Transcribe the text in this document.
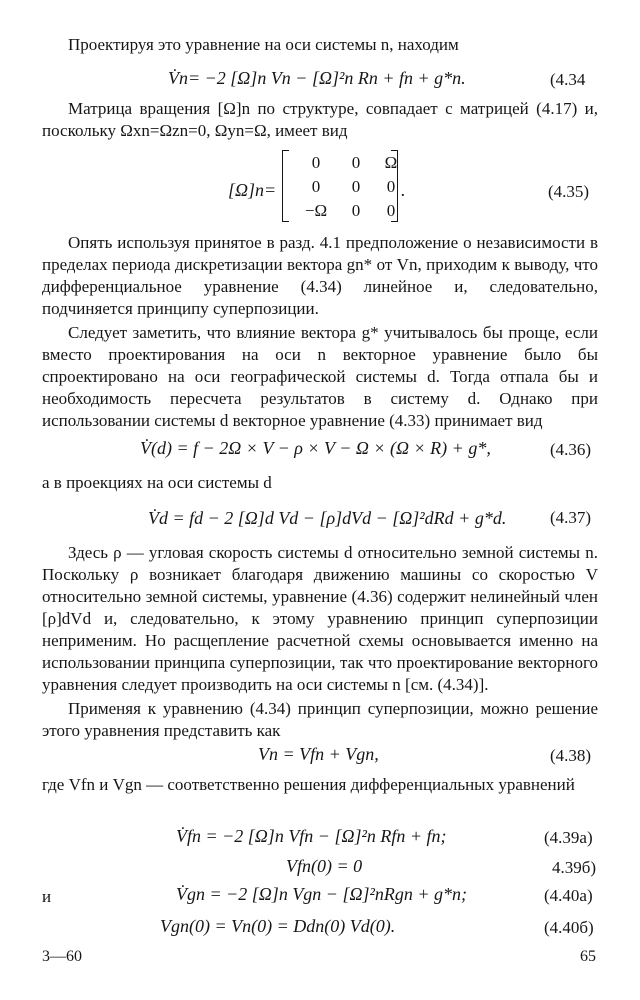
Проектируя это уравнение на оси системы n, находим
V̇n= −2 [Ω]n Vn − [Ω]²n Rn + fn + g*n.	(4.34
Матрица вращения [Ω]n по структуре, совпадает с матрицей (4.17) и, поскольку Ωxn=Ωzn=0, Ωyn=Ω, имеет вид
[Ω]n=
0	0	Ω
0	0	0
−Ω	0	0
.	(4.35)
Опять используя принятое в разд. 4.1 предположение о независимости в пределах периода дискретизации вектора gn* от Vn, приходим к выводу, что дифференциальное уравнение (4.34) линейное и, следовательно, подчиняется принципу суперпозиции.
Следует заметить, что влияние вектора g* учитывалось бы проще, если вместо проектирования на оси n векторное уравнение было бы спроектировано на оси географической системы d. Тогда отпала бы и необходимость пересчета результатов в систему d. Однако при использовании системы d векторное уравнение (4.33) принимает вид
V̇(d) = f − 2Ω × V − ρ × V − Ω × (Ω × R) + g*,	(4.36)
а в проекциях на оси системы d
V̇d = fd − 2 [Ω]d Vd − [ρ]dVd − [Ω]²dRd + g*d.	(4.37)
Здесь ρ — угловая скорость системы d относительно земной системы n. Поскольку ρ возникает благодаря движению машины со скоростью V относительно земной системы, уравнение (4.36) содержит нелинейный член [ρ]dVd и, следовательно, к этому уравнению принцип суперпозиции неприменим. Но расщепление расчетной схемы основывается именно на использовании принципа суперпозиции, так что проектирование векторного уравнения следует производить на оси системы n [см. (4.34)].
Применяя к уравнению (4.34) принцип суперпозиции, можно решение этого уравнения представить как
Vn = Vfn + Vgn,	(4.38)
где Vfn и Vgn — соответственно решения дифференциальных уравнений
V̇fn = −2 [Ω]n Vfn − [Ω]²n Rfn + fn;	(4.39a)
Vfn(0) = 0	4.39б)
и	V̇gn = −2 [Ω]n Vgn − [Ω]²nRgn + g*n;	(4.40a)
Vgn(0) = Vn(0) = Ddn(0) Vd(0).	(4.40б)
3—60	65
